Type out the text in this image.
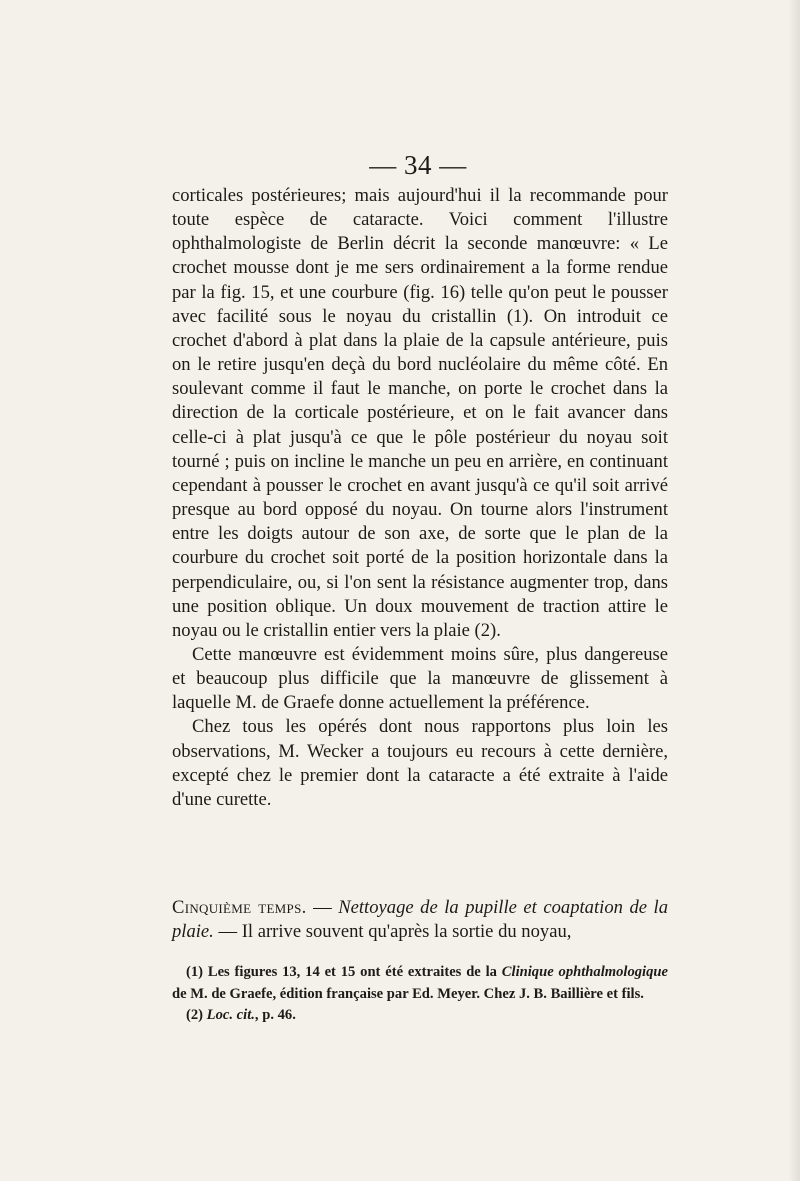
— 34 —

corticales postérieures; mais aujourd'hui il la recommande pour toute espèce de cataracte. Voici comment l'illustre ophthalmologiste de Berlin décrit la seconde manœuvre: « Le crochet mousse dont je me sers ordinairement a la forme rendue par la fig. 15, et une courbure (fig. 16) telle qu'on peut le pousser avec facilité sous le noyau du cristallin (1). On introduit ce crochet d'abord à plat dans la plaie de la capsule antérieure, puis on le retire jusqu'en deçà du bord nucléolaire du même côté. En soulevant comme il faut le manche, on porte le crochet dans la direction de la corticale postérieure, et on le fait avancer dans celle-ci à plat jusqu'à ce que le pôle postérieur du noyau soit tourné ; puis on incline le manche un peu en arrière, en continuant cependant à pousser le crochet en avant jusqu'à ce qu'il soit arrivé presque au bord opposé du noyau. On tourne alors l'instrument entre les doigts autour de son axe, de sorte que le plan de la courbure du crochet soit porté de la position horizontale dans la perpendiculaire, ou, si l'on sent la résistance augmenter trop, dans une position oblique. Un doux mouvement de traction attire le noyau ou le cristallin entier vers la plaie (2).

Cette manœuvre est évidemment moins sûre, plus dangereuse et beaucoup plus difficile que la manœuvre de glissement à laquelle M. de Graefe donne actuellement la préférence.

Chez tous les opérés dont nous rapportons plus loin les observations, M. Wecker a toujours eu recours à cette dernière, excepté chez le premier dont la cataracte a été extraite à l'aide d'une curette.

Cinquième temps. — Nettoyage de la pupille et coaptation de la plaie. — Il arrive souvent qu'après la sortie du noyau,

(1) Les figures 13, 14 et 15 ont été extraites de la Clinique ophthalmologique de M. de Graefe, édition française par Ed. Meyer. Chez J. B. Baillière et fils.

(2) Loc. cit., p. 46.
